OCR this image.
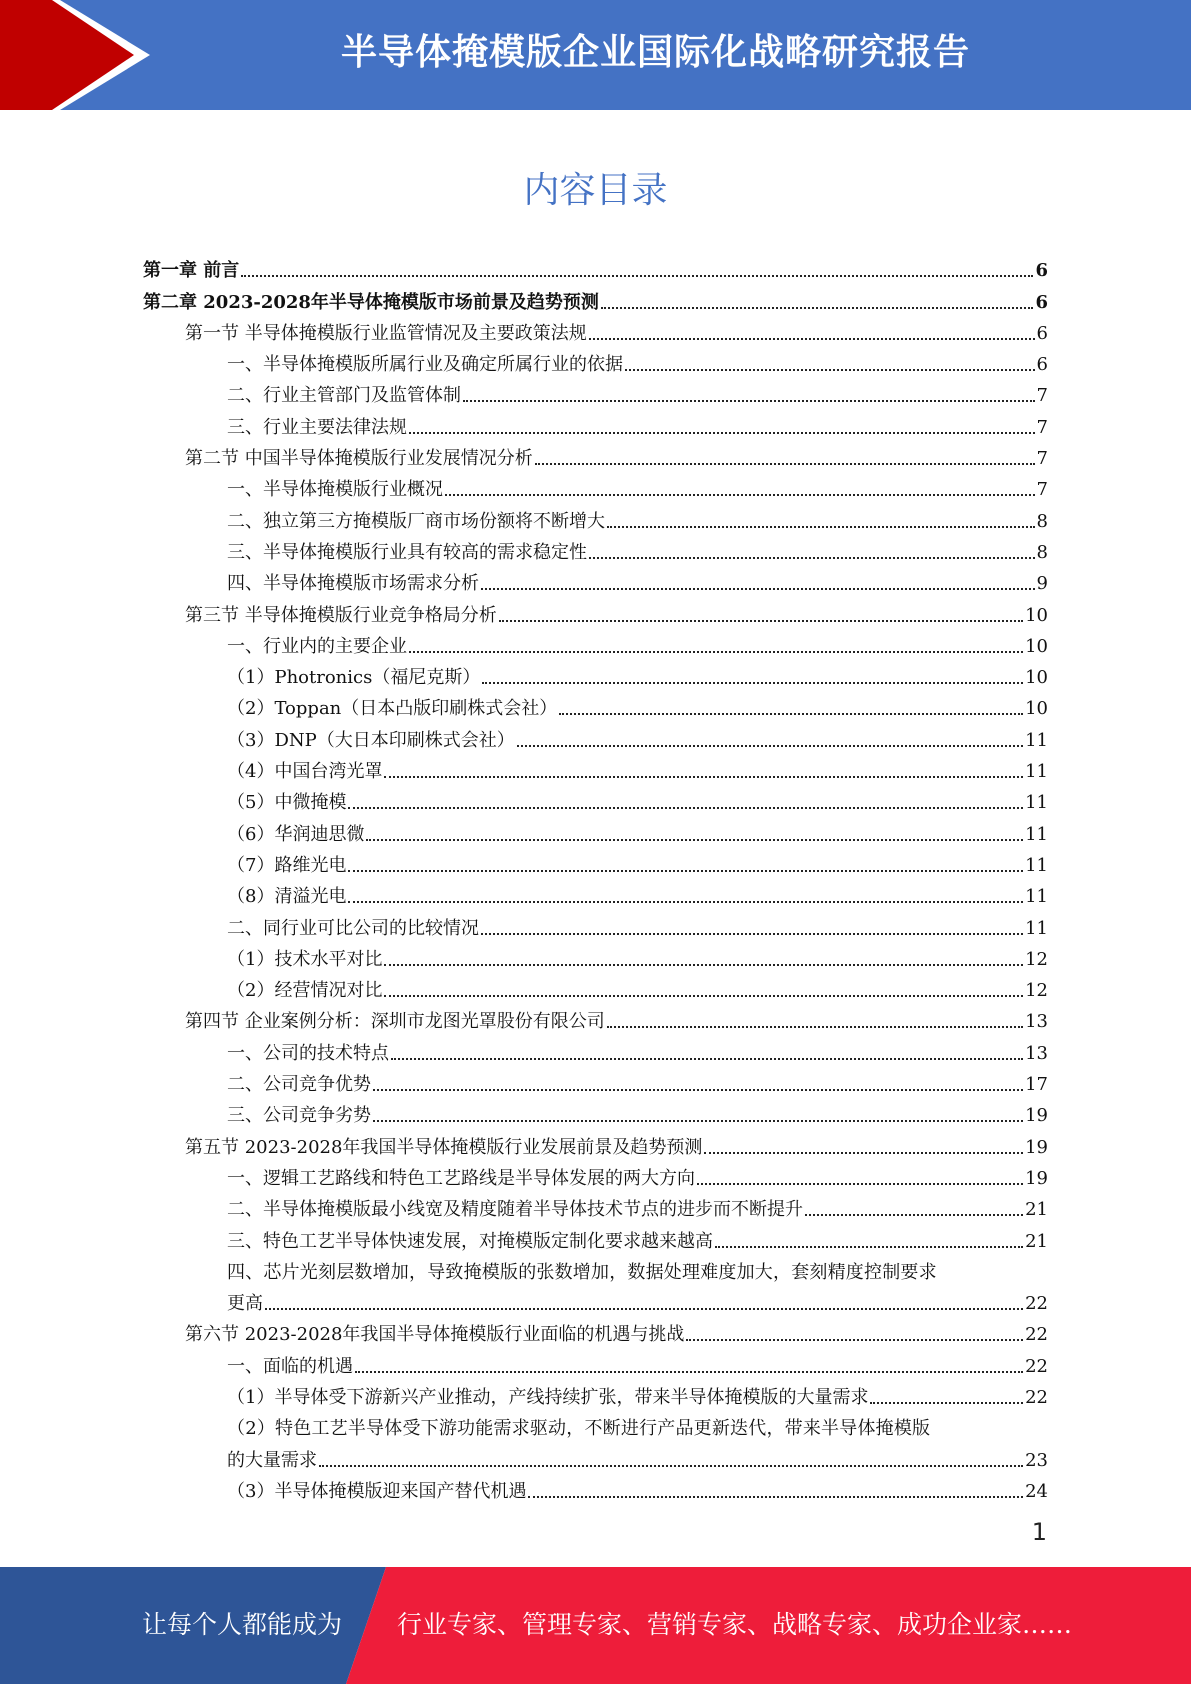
半导体掩模版企业国际化战略研究报告
内容目录
第一章 前言	6
第二章 2023-2028年半导体掩模版市场前景及趋势预测	6
第一节 半导体掩模版行业监管情况及主要政策法规	6
一、半导体掩模版所属行业及确定所属行业的依据	6
二、行业主管部门及监管体制	7
三、行业主要法律法规	7
第二节 中国半导体掩模版行业发展情况分析	7
一、半导体掩模版行业概况	7
二、独立第三方掩模版厂商市场份额将不断增大	8
三、半导体掩模版行业具有较高的需求稳定性	8
四、半导体掩模版市场需求分析	9
第三节 半导体掩模版行业竞争格局分析	10
一、行业内的主要企业	10
（1）Photronics（福尼克斯）	10
（2）Toppan（日本凸版印刷株式会社）	10
（3）DNP（大日本印刷株式会社）	11
（4）中国台湾光罩	11
（5）中微掩模	11
（6）华润迪思微	11
（7）路维光电	11
（8）清溢光电	11
二、同行业可比公司的比较情况	11
（1）技术水平对比	12
（2）经营情况对比	12
第四节 企业案例分析：深圳市龙图光罩股份有限公司	13
一、公司的技术特点	13
二、公司竞争优势	17
三、公司竞争劣势	19
第五节 2023-2028年我国半导体掩模版行业发展前景及趋势预测	19
一、逻辑工艺路线和特色工艺路线是半导体发展的两大方向	19
二、半导体掩模版最小线宽及精度随着半导体技术节点的进步而不断提升	21
三、特色工艺半导体快速发展，对掩模版定制化要求越来越高	21
四、芯片光刻层数增加，导致掩模版的张数增加，数据处理难度加大，套刻精度控制要求
更高	22
第六节 2023-2028年我国半导体掩模版行业面临的机遇与挑战	22
一、面临的机遇	22
（1）半导体受下游新兴产业推动，产线持续扩张，带来半导体掩模版的大量需求	22
（2）特色工艺半导体受下游功能需求驱动，不断进行产品更新迭代，带来半导体掩模版
的大量需求	23
（3）半导体掩模版迎来国产替代机遇	24
1
让每个人都能成为 行业专家、管理专家、营销专家、战略专家、成功企业家……
